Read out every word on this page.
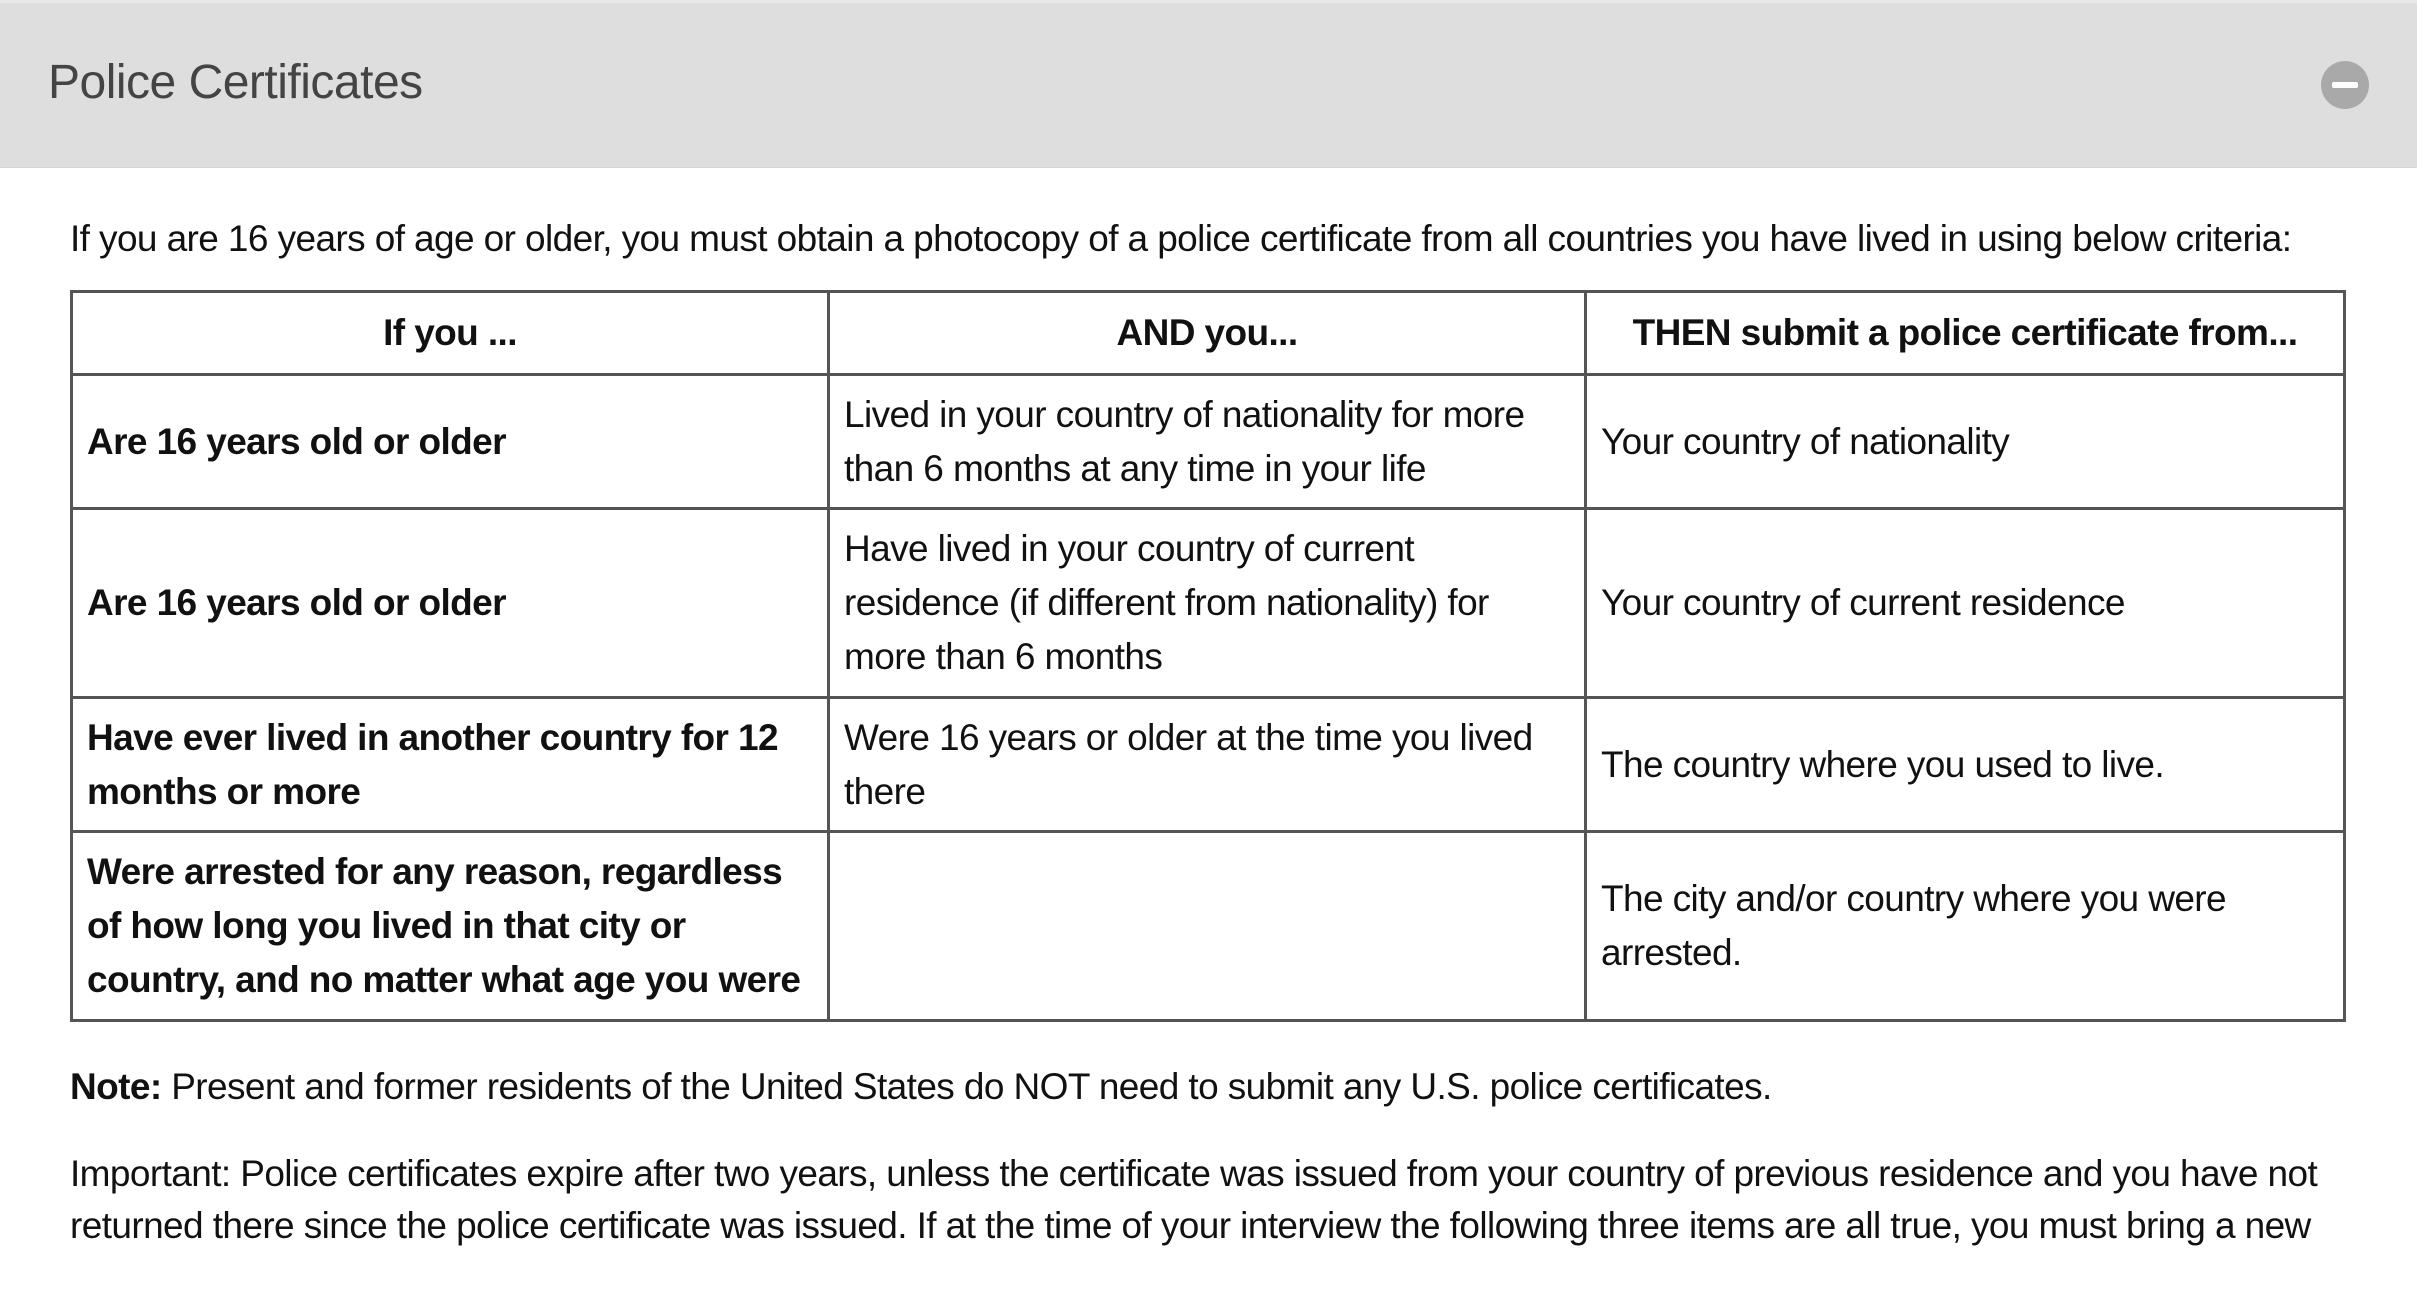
Police Certificates

If you are 16 years of age or older, you must obtain a photocopy of a police certificate from all countries you have lived in using below criteria:

If you ...	AND you...	THEN submit a police certificate from...
Are 16 years old or older	Lived in your country of nationality for more than 6 months at any time in your life	Your country of nationality
Are 16 years old or older	Have lived in your country of current residence (if different from nationality) for more than 6 months	Your country of current residence
Have ever lived in another country for 12 months or more	Were 16 years or older at the time you lived there	The country where you used to live.
Were arrested for any reason, regardless of how long you lived in that city or country, and no matter what age you were		The city and/or country where you were arrested.

Note: Present and former residents of the United States do NOT need to submit any U.S. police certificates.

Important: Police certificates expire after two years, unless the certificate was issued from your country of previous residence and you have not returned there since the police certificate was issued. If at the time of your interview the following three items are all true, you must bring a new
